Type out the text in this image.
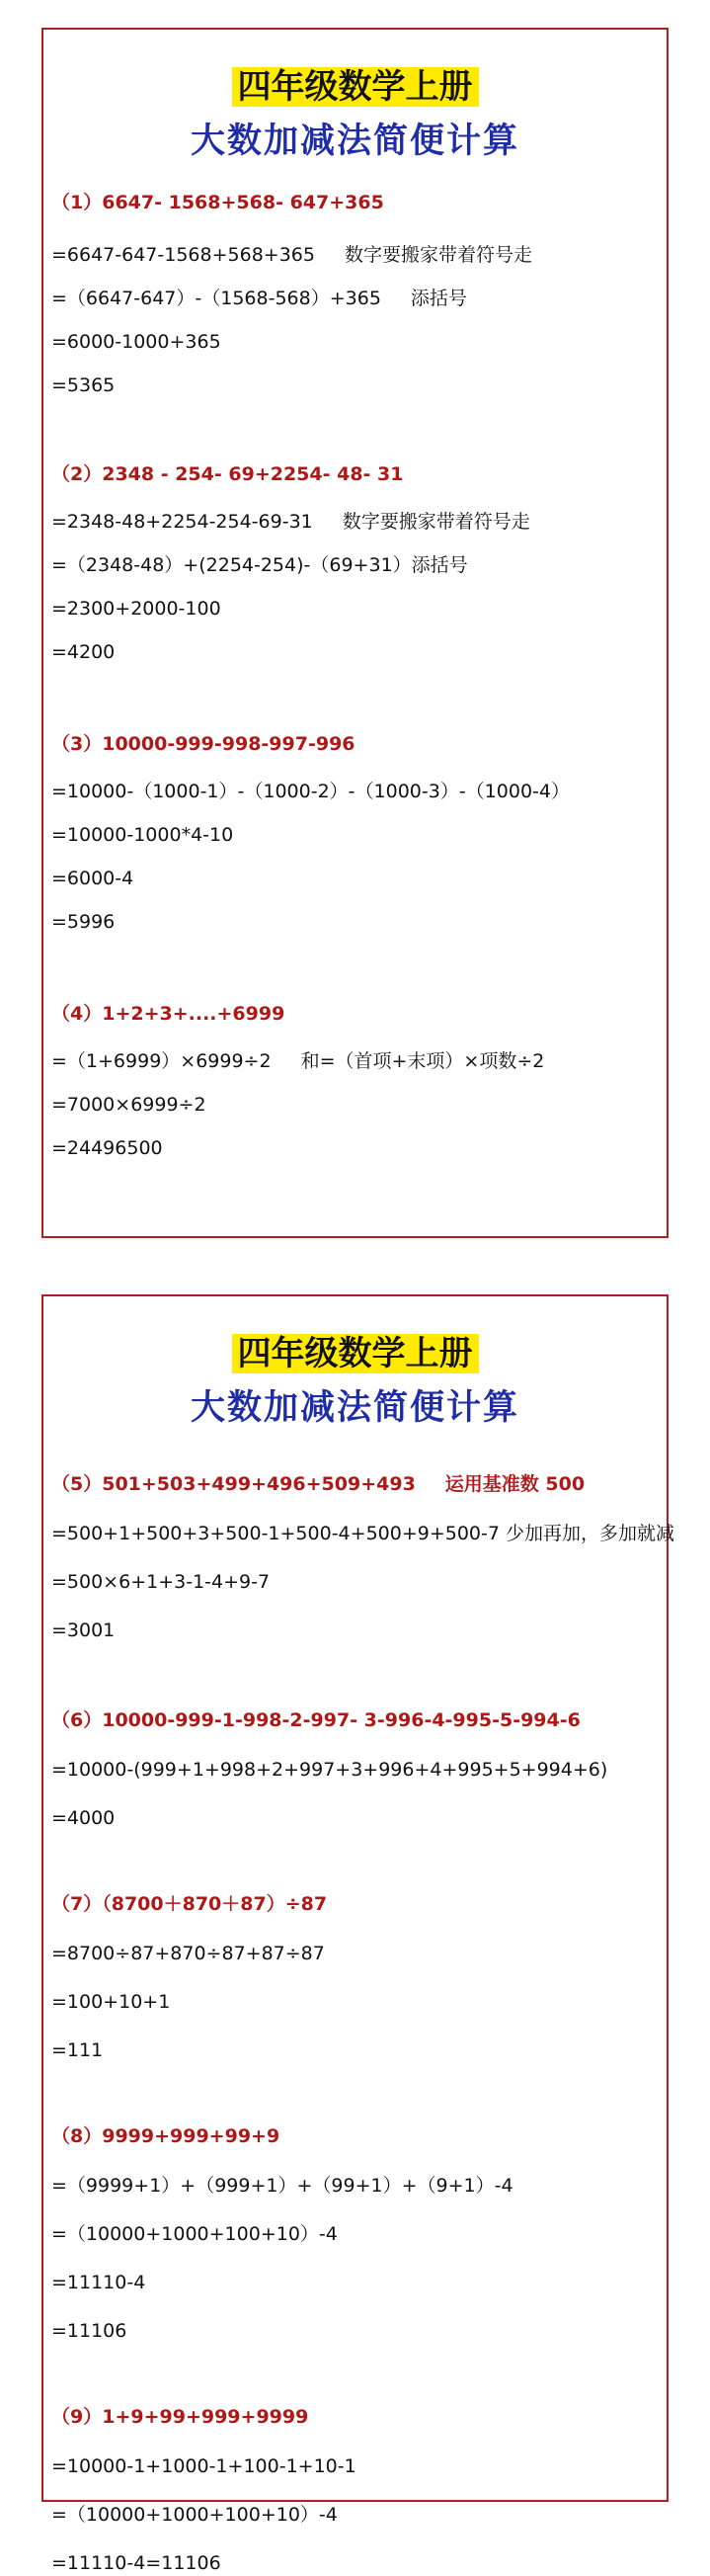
四年级数学上册
大数加减法简便计算
（1）6647- 1568+568- 647+365
=6647-647-1568+568+365 数字要搬家带着符号走
=（6647-647）-（1568-568）+365 添括号
=6000-1000+365
=5365
（2）2348 - 254- 69+2254- 48- 31
=2348-48+2254-254-69-31 数字要搬家带着符号走
=（2348-48）+(2254-254)-（69+31）添括号
=2300+2000-100
=4200
（3）10000-999-998-997-996
=10000-（1000-1）-（1000-2）-（1000-3）-（1000-4）
=10000-1000*4-10
=6000-4
=5996
（4）1+2+3+....+6999
=（1+6999）×6999÷2 和=（首项+末项）×项数÷2
=7000×6999÷2
=24496500
四年级数学上册
大数加减法简便计算
（5）501+503+499+496+509+493 运用基准数 500
=500+1+500+3+500-1+500-4+500+9+500-7 少加再加，多加就减
=500×6+1+3-1-4+9-7
=3001
（6）10000-999-1-998-2-997- 3-996-4-995-5-994-6
=10000-(999+1+998+2+997+3+996+4+995+5+994+6)
=4000
（7）（8700＋870＋87）÷87
=8700÷87+870÷87+87÷87
=100+10+1
=111
（8）9999+999+99+9
=（9999+1）+（999+1）+（99+1）+（9+1）-4
=（10000+1000+100+10）-4
=11110-4
=11106
（9）1+9+99+999+9999
=10000-1+1000-1+100-1+10-1
=（10000+1000+100+10）-4
=11110-4=11106
